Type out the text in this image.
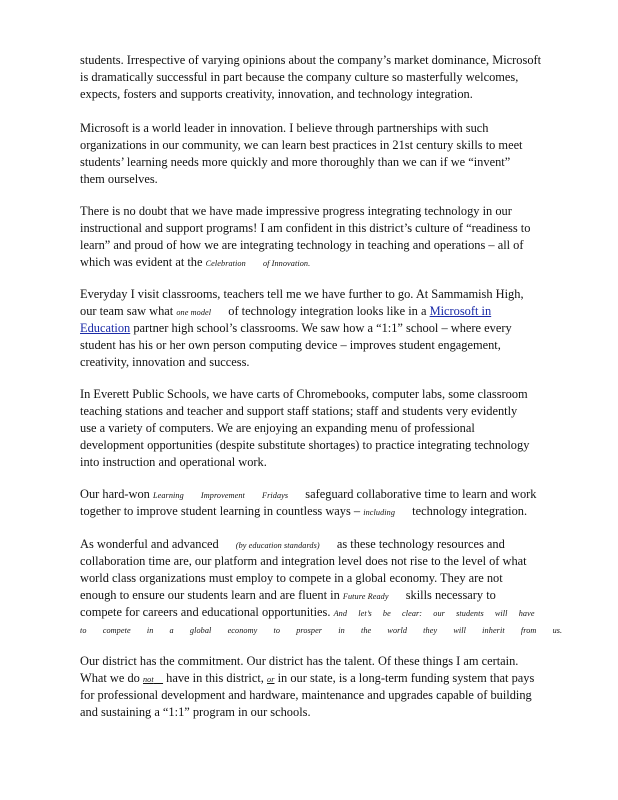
students. Irrespective of varying opinions about the company’s market dominance, Microsoft
is dramatically successful in part because the company culture so masterfully welcomes,
expects, fosters and supports creativity, innovation, and technology integration.
Microsoft is a world leader in innovation. I believe through partnerships with such
organizations in our community, we can learn best practices in 21st century skills to meet
students’ learning needs more quickly and more thoroughly than we can if we “invent”
them ourselves.
There is no doubt that we have made impressive progress integrating technology in our
instructional and support programs! I am confident in this district’s culture of “readiness to
learn” and proud of how we are integrating technology in teaching and operations – all of
which was evident at the Celebration of Innovation.
Everyday I visit classrooms, teachers tell me we have further to go. At Sammamish High,
our team saw what one model of technology integration looks like in a Microsoft in
Education partner high school’s classrooms. We saw how a “1:1” school – where every
student has his or her own person computing device – improves student engagement,
creativity, innovation and success.
In Everett Public Schools, we have carts of Chromebooks, computer labs, some classroom
teaching stations and teacher and support staff stations; staff and students very evidently
use a variety of computers. We are enjoying an expanding menu of professional
development opportunities (despite substitute shortages) to practice integrating technology
into instruction and operational work.
Our hard-won Learning Improvement Fridays safeguard collaborative time to learn and work
together to improve student learning in countless ways – including technology integration.
As wonderful and advanced (by education standards) as these technology resources and
collaboration time are, our platform and integration level does not rise to the level of what
world class organizations must employ to compete in a global economy. They are not
enough to ensure our students learn and are fluent in Future Ready skills necessary to
compete for careers and educational opportunities. And let’s be clear: our students will have
to compete in a global economy to prosper in the world they will inherit from us.
Our district has the commitment. Our district has the talent. Of these things I am certain.
What we do not have in this district, or in our state, is a long-term funding system that pays
for professional development and hardware, maintenance and upgrades capable of building
and sustaining a “1:1” program in our schools.
